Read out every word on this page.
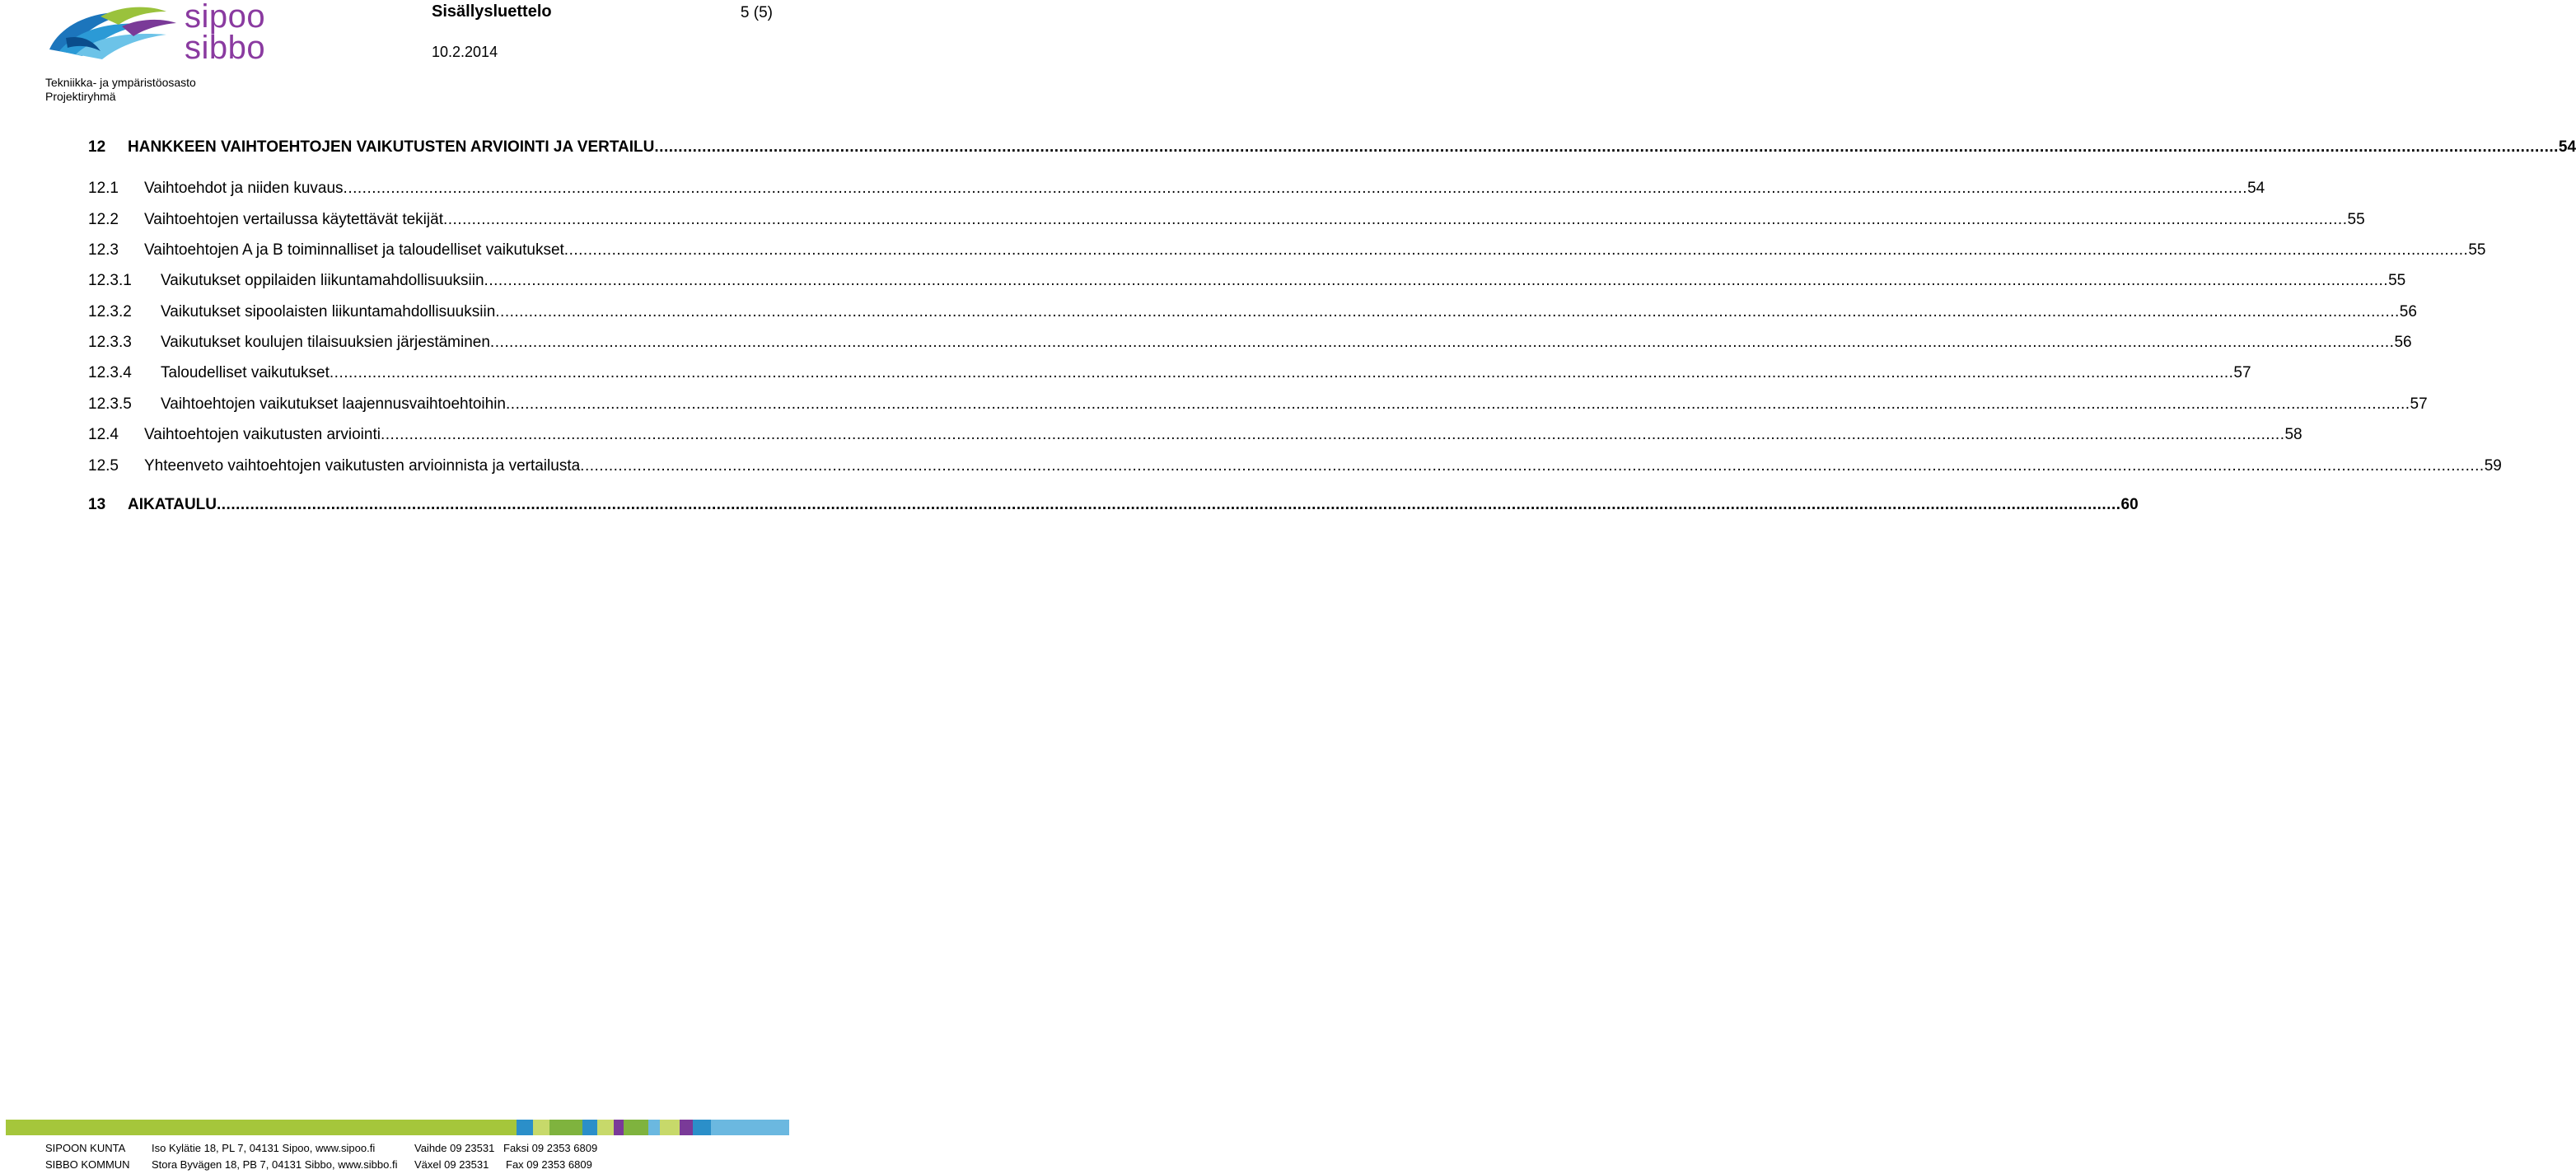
sipoo
sibbo
Tekniikka- ja ympäristöosasto
Projektiryhmä
Sisällysluettelo	5 (5)
10.2.2014
12	HANKKEEN VAIHTOEHTOJEN VAIKUTUSTEN ARVIOINTI JA VERTAILU ................................................................................................................................................................................................................................................................................................................................................................................................................ 54
12.1	Vaihtoehdot ja niiden kuvaus ................................................................................................................................................................................................................................................................................................................................................................................................................ 54
12.2	Vaihtoehtojen vertailussa käytettävät tekijät ................................................................................................................................................................................................................................................................................................................................................................................................................ 55
12.3	Vaihtoehtojen A ja B toiminnalliset ja taloudelliset vaikutukset ................................................................................................................................................................................................................................................................................................................................................................................................................ 55
12.3.1	Vaikutukset oppilaiden liikuntamahdollisuuksiin ................................................................................................................................................................................................................................................................................................................................................................................................................ 55
12.3.2	Vaikutukset sipoolaisten liikuntamahdollisuuksiin ................................................................................................................................................................................................................................................................................................................................................................................................................ 56
12.3.3	Vaikutukset koulujen tilaisuuksien järjestäminen ................................................................................................................................................................................................................................................................................................................................................................................................................ 56
12.3.4	Taloudelliset vaikutukset ................................................................................................................................................................................................................................................................................................................................................................................................................ 57
12.3.5	Vaihtoehtojen vaikutukset laajennusvaihtoehtoihin ................................................................................................................................................................................................................................................................................................................................................................................................................ 57
12.4	Vaihtoehtojen vaikutusten arviointi ................................................................................................................................................................................................................................................................................................................................................................................................................ 58
12.5	Yhteenveto vaihtoehtojen vaikutusten arvioinnista ja vertailusta ................................................................................................................................................................................................................................................................................................................................................................................................................ 59
13	AIKATAULU ................................................................................................................................................................................................................................................................................................................................................................................................................ 60
SIPOON KUNTA Iso Kylätie 18, PL 7, 04131 Sipoo, www.sipoo.fi	Vaihde 09 23531 Faksi 09 2353 6809
SIBBO KOMMUN Stora Byvägen 18, PB 7, 04131 Sibbo, www.sibbo.fi Växel 09 23531 Fax 09 2353 6809
